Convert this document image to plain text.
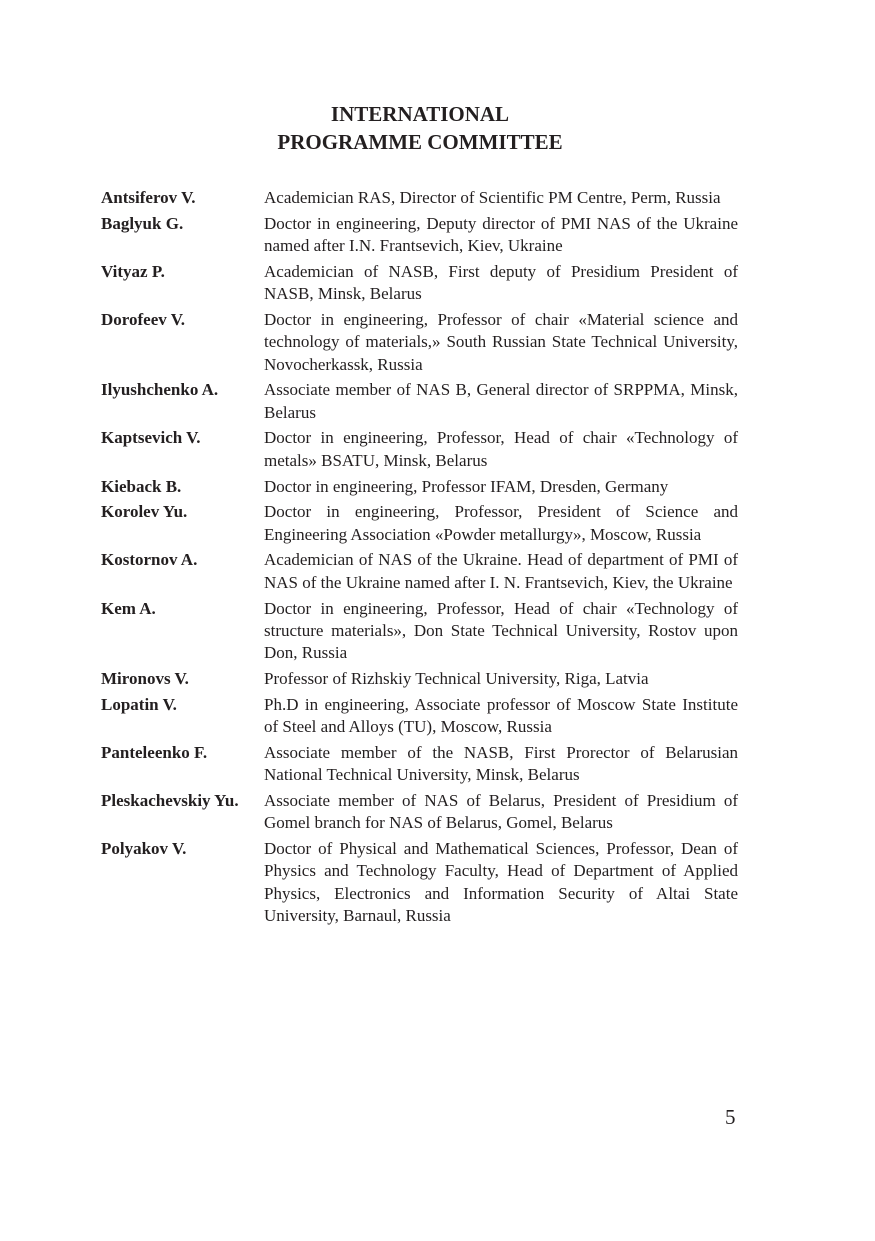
INTERNATIONAL
PROGRAMME COMMITTEE
Antsiferov V.	Academician RAS, Director of Scientific PM Centre, Perm, Russia
Baglyuk G.	Doctor in engineering, Deputy director of PMI NAS of the Ukraine named after I.N. Frantsevich, Kiev, Ukraine
Vityaz P.	Academician of NASB, First deputy of Presidium President of NASB, Minsk, Belarus
Dorofeev V.	Doctor in engineering, Professor of chair «Material science and technology of materials,» South Russian State Technical University, Novocherkassk, Russia
Ilyushchenko A.	Associate member of NAS B, General director of SRPPMA, Minsk, Belarus
Kaptsevich V.	Doctor in engineering, Professor, Head of chair «Technology of metals» BSATU, Minsk, Belarus
Kieback B.	Doctor in engineering, Professor IFAM, Dresden, Germany
Korolev Yu.	Doctor in engineering, Professor, President of Science and Engineering Association «Powder metallurgy», Moscow, Russia
Kostornov A.	Academician of NAS of the Ukraine. Head of department of PMI of NAS of the Ukraine named after I. N. Frantsevich, Kiev, the Ukraine
Kem A.	Doctor in engineering, Professor, Head of chair «Technology of structure materials», Don State Technical University, Rostov upon Don, Russia
Mironovs V.	Professor of Rizhskiy Technical University, Riga, Latvia
Lopatin V.	Ph.D in engineering, Associate professor of Moscow State Institute of Steel and Alloys (TU), Moscow, Russia
Panteleenko F.	Associate member of the NASB, First Prorector of Belarusian National Technical University, Minsk, Belarus
Pleskachevskiy Yu.	Associate member of NAS of Belarus, President of Presidium of Gomel branch for NAS of Belarus, Gomel, Belarus
Polyakov V.	Doctor of Physical and Mathematical Sciences, Professor, Dean of Physics and Technology Faculty, Head of Department of Applied Physics, Electronics and Information Security of Altai State University, Barnaul, Russia
5
